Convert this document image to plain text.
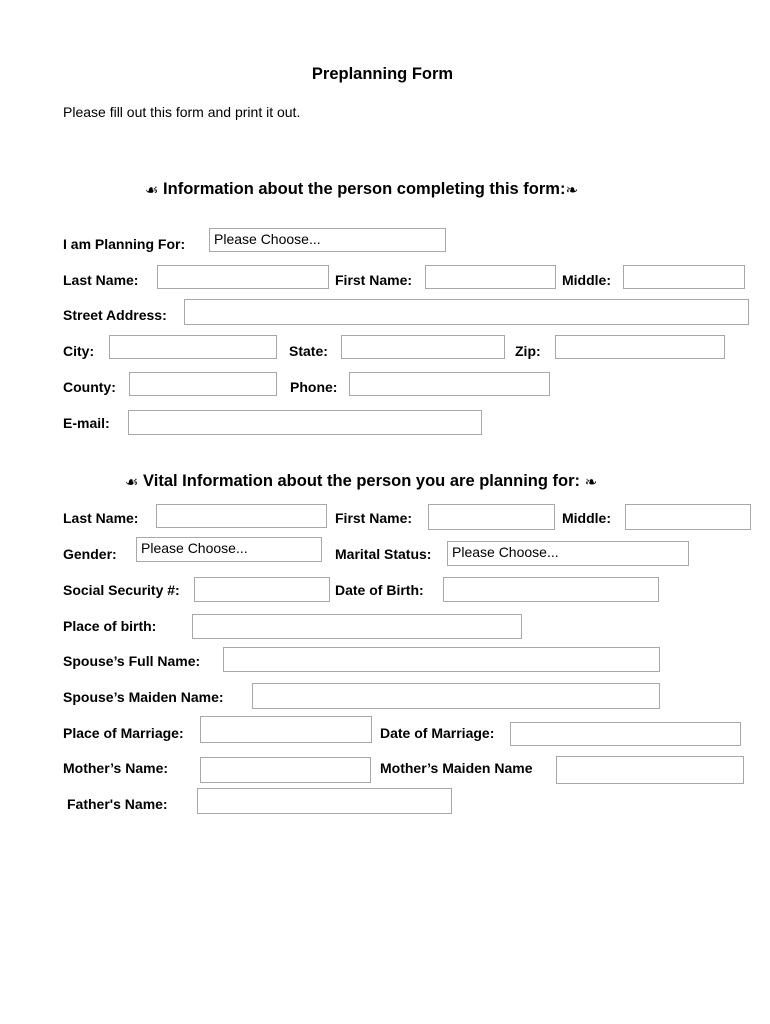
Preplanning Form
Please fill out this form and print it out.
☙ Information about the person completing this form:❧
I am Planning For:	Please Choose...
Last Name:	First Name:	Middle:
Street Address:
City:	State:	Zip:
County:	Phone:
E-mail:
☙ Vital Information about the person you are planning for: ❧
Last Name:	First Name:	Middle:
Gender:	Please Choose...	Marital Status:	Please Choose...
Social Security #:	Date of Birth:
Place of birth:
Spouse’s Full Name:
Spouse’s Maiden Name:
Place of Marriage:	Date of Marriage:
Mother’s Name:	Mother’s Maiden Name
Father's Name:
